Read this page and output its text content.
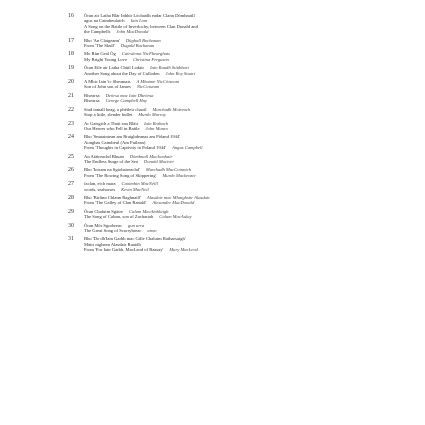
16 Òran air Latha Blàr Inbhir Lòchaidh eadar Clann Dòmhnaill
agus na Caimbeulaich Iain Lom
A Song on the Battle of Inverlochy, between Clan Donald and
the Campbells John MacDonald
17 Bho 'An Claigeann' Dùghall Bochanan
From 'The Skull' Dugald Buchanan
18 Mo Rùn Geal Òg Cairstìona NicFhearghais
My Bright Young Love Christina Ferguson
19 Òran Eile air Latha Chùil Lodair Iain Ruadh Stiùbhart
Another Song about the Day of Culloden John Roy Stuart
20 A Mhic Iain 'ic Sheumais A Mhuime NicCòiseam
Son of John son of James NicCoiseam
21 Bìsearsa Deòrsa mac Iain Dheòrsa
Bìsearsa George Campbell Hay
22 Stad tamall beag, a phèileir chaoil Murchadh Moireach
Stop a little, slender bullet Murdo Murray
23 Ar Gaisgich a Thuit sna Blàir Iain Rothach
Our Heroes who Fell in Battle John Munro
24 Bho 'Smuaintean am Braighdeanas am Pòland 1944'
Aonghas Caimbeul (Am Puilean)
From 'Thoughts in Captivity in Poland 1944' Angus Campbell
25 An Atàireachd Bhuan Dòmhnall MacIomhair
The Endless Surge of the Sea Donald Maciver
26 Bho 'Iorram na Sgiobaireachd' Murchadh MacCoinnich
From 'The Rowing Song of Skippering' Murdo Mackenzie
27 faclan, eich mara Caoimhin MacNèill
words, seahorses Kevin MacNeil
28 Bho 'Birlinn Chlann Raghnaill' Alasdair mac Mhaighstir Alasdair
From 'The Galley of Clan Ranald' Alexander MacDonald
29 Òran Chaluim Sgàire Calum MacAmhlaigh
The Song of Calum, son of Zachariah Calum MacAulay
30 Òran Mòr Sgorbreac gun urra
The Great Song of Scorrybreac anon
31 Bho 'Do dh'Iain Garbh mac Gille Chaluim Ratharsaigh'
Màiri nighean Alasdair Ruaidh
From 'For Iain Garbh, MacLeod of Raasay' Mary MacLeod
